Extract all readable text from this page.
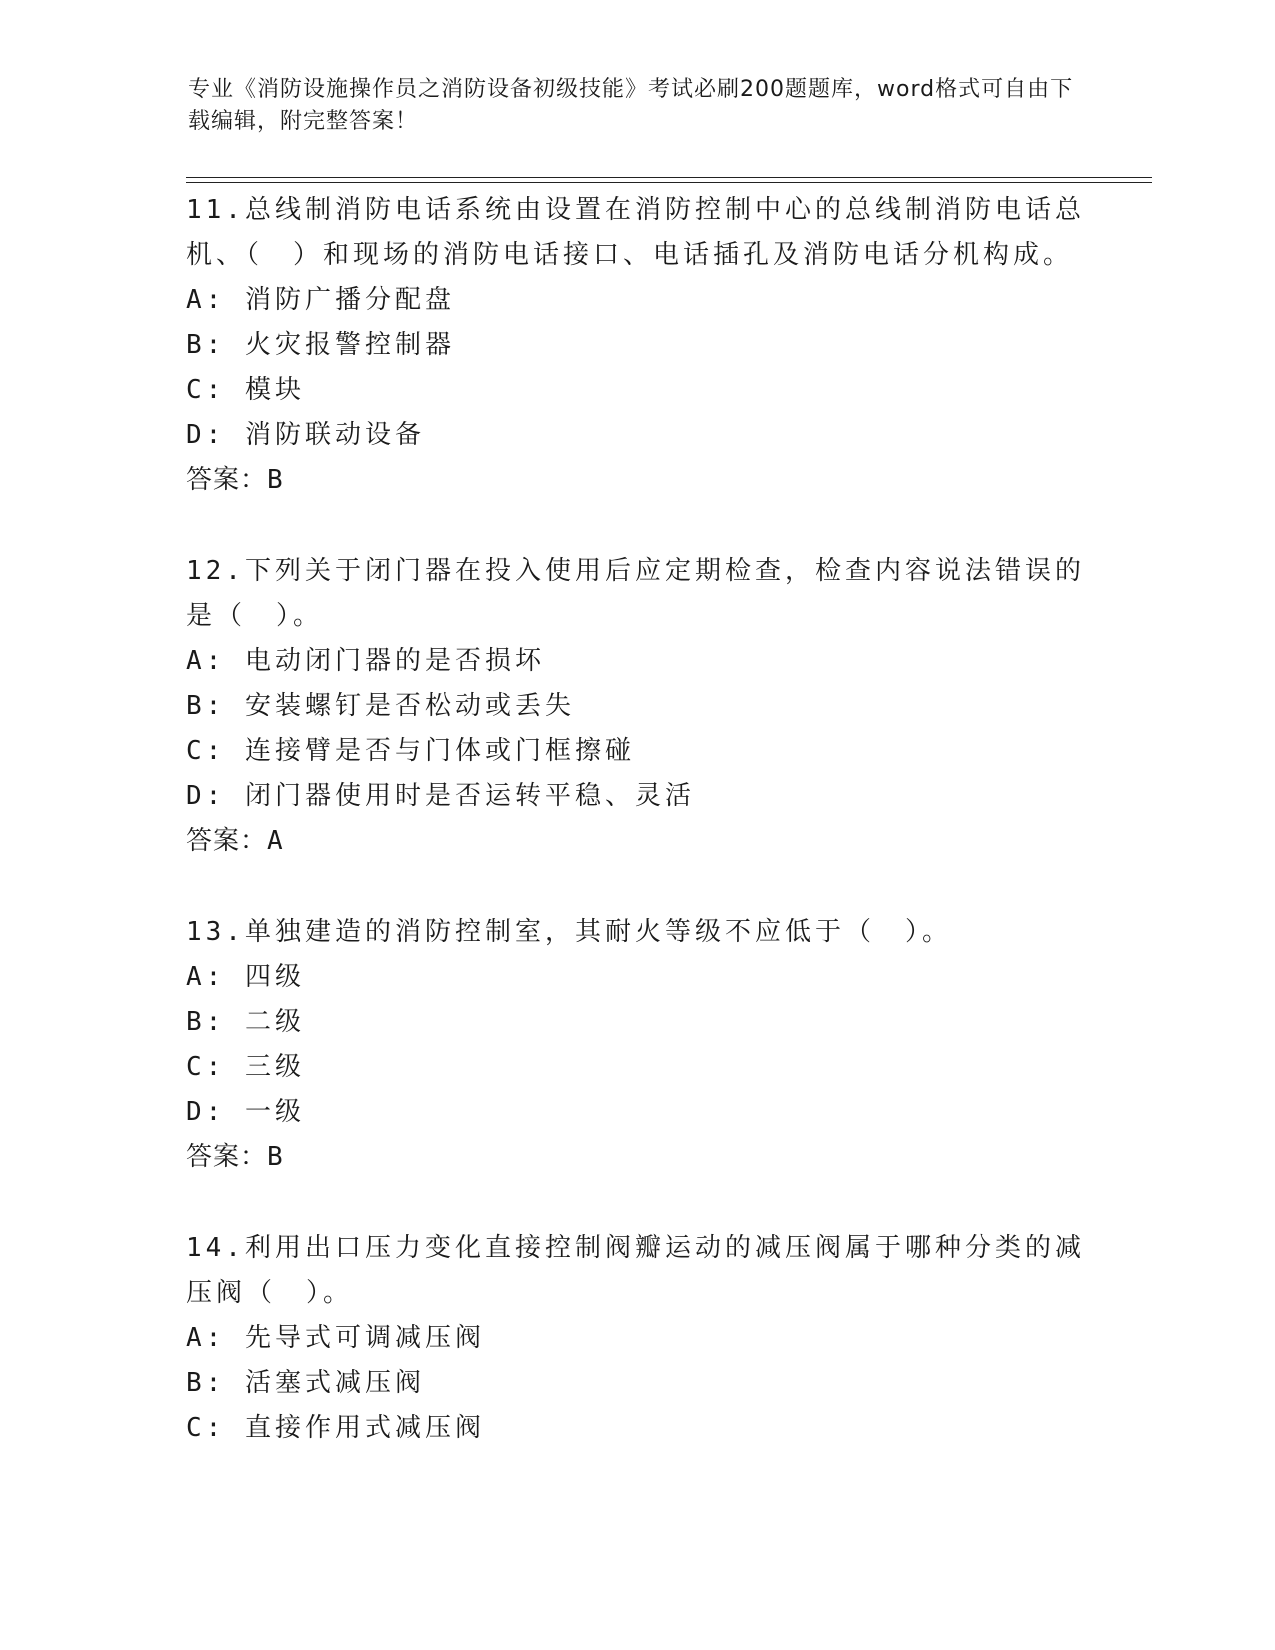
专业《消防设施操作员之消防设备初级技能》考试必刷200题题库，word格式可自由下载编辑，附完整答案！
11.总线制消防电话系统由设置在消防控制中心的总线制消防电话总机、（　）和现场的消防电话接口、电话插孔及消防电话分机构成。
A: 消防广播分配盘
B: 火灾报警控制器
C: 模块
D: 消防联动设备
答案：B
12.下列关于闭门器在投入使用后应定期检查，检查内容说法错误的是（　）。
A: 电动闭门器的是否损坏
B: 安装螺钉是否松动或丢失
C: 连接臂是否与门体或门框擦碰
D: 闭门器使用时是否运转平稳、灵活
答案：A
13.单独建造的消防控制室，其耐火等级不应低于（　）。
A: 四级
B: 二级
C: 三级
D: 一级
答案：B
14.利用出口压力变化直接控制阀瓣运动的减压阀属于哪种分类的减压阀（　）。
A: 先导式可调减压阀
B: 活塞式减压阀
C: 直接作用式减压阀
